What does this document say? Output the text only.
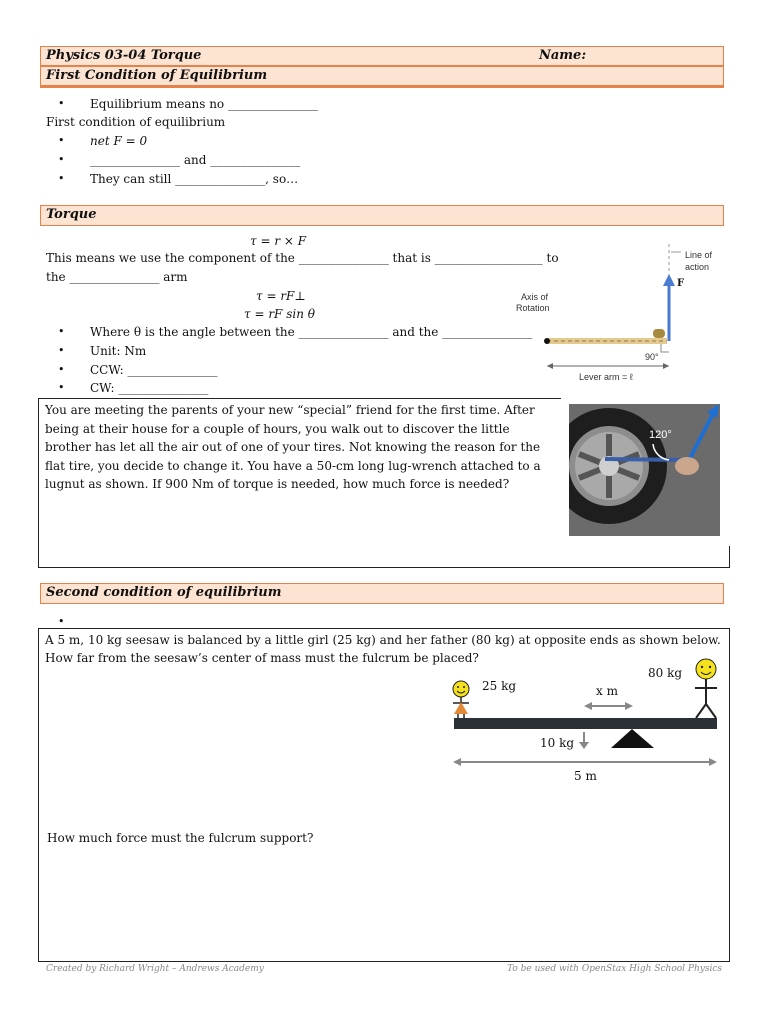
Physics 03-04 Torque	Name:
First Condition of Equilibrium
Equilibrium means no _______________
First condition of equilibrium
net F = 0
_______________ and _______________
They can still _______________, so…
Torque
τ = r × F
This means we use the component of the _______________ that is __________________ to
the _______________ arm
τ = rF⊥
τ = rF sin θ
Where θ is the angle between the _______________ and the _______________
Unit: Nm
CCW: _______________
CW: _______________
Line of action
F
Axis of Rotation
90°
Lever arm = ℓ
You are meeting the parents of your new “special” friend for the first time. After being at their house for a couple of hours, you walk out to discover the little brother has let all the air out of one of your tires. Not knowing the reason for the flat tire, you decide to change it. You have a 50-cm long lug-wrench attached to a lugnut as shown. If 900 Nm of torque is needed, how much force is needed?
120°
Second condition of equilibrium
_______________
A 5 m, 10 kg seesaw is balanced by a little girl (25 kg) and her father (80 kg) at opposite ends as shown below. How far from the seesaw’s center of mass must the fulcrum be placed?
How much force must the fulcrum support?
80 kg
25 kg	x m
10 kg
5 m
Created by Richard Wright – Andrews Academy	To be used with OpenStax High School Physics
